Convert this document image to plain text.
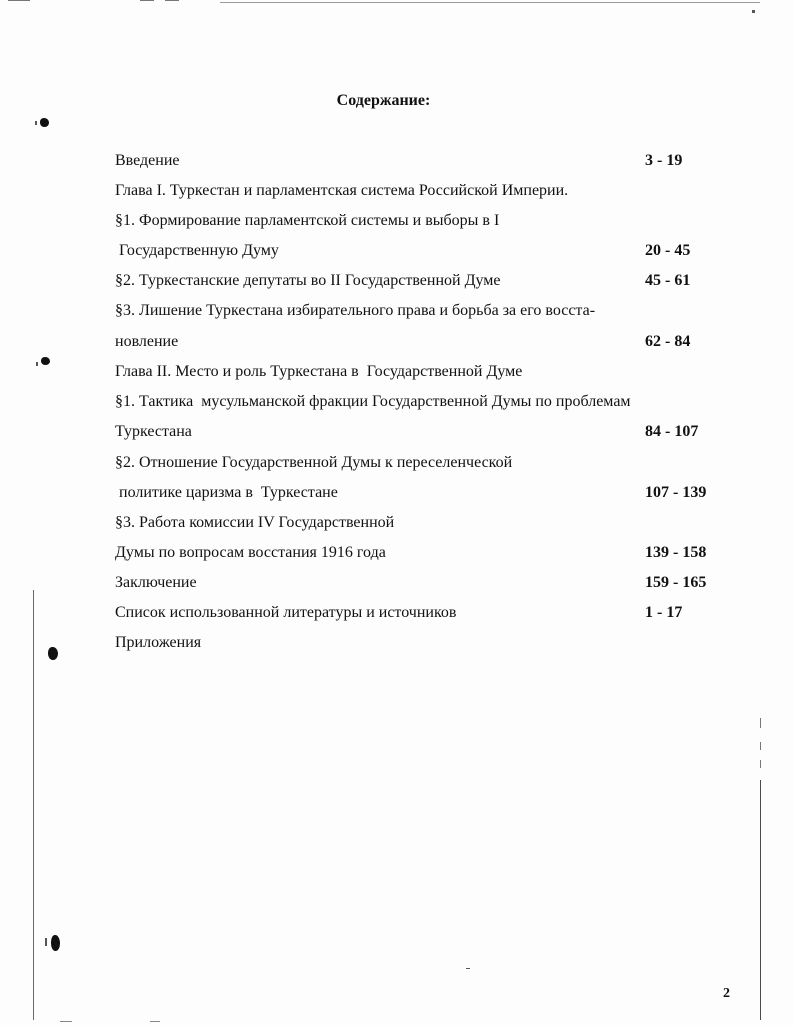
Содержание:
Введение	3 - 19
Глава I. Туркестан и парламентская система Российской Империи.
§1. Формирование парламентской системы и выборы в I
Государственную Думу	20 - 45
§2. Туркестанские депутаты во II Государственной Думе	45 - 61
§3. Лишение Туркестана избирательного права и борьба за его восста-
новление	62 - 84
Глава II. Место и роль Туркестана в  Государственной Думе
§1. Тактика  мусульманской фракции Государственной Думы по проблемам
Туркестана	84 - 107
§2. Отношение Государственной Думы к переселенческой
политике царизма в  Туркестане	107 - 139
§3. Работа комиссии IV Государственной
Думы по вопросам восстания 1916 года	139 - 158
Заключение	159 - 165
Список использованной литературы и источников	1 - 17
Приложения
2
